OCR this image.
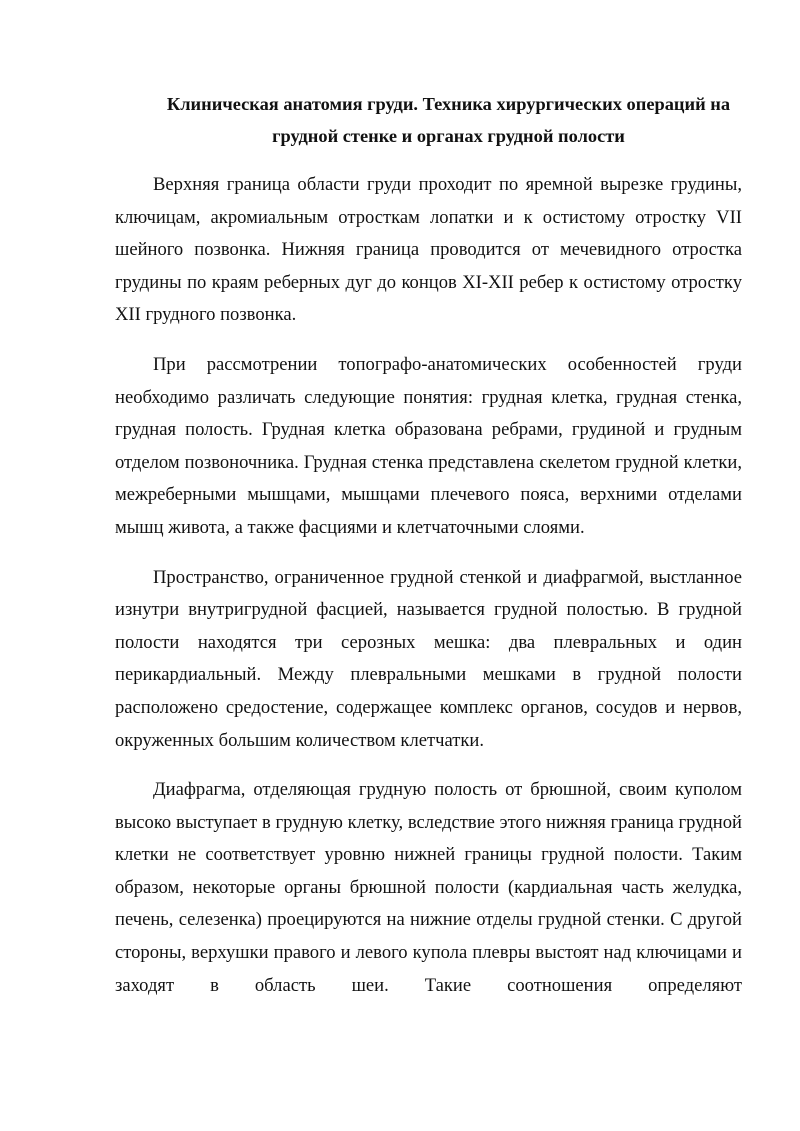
Клиническая анатомия груди. Техника хирургических операций на грудной стенке и органах грудной полости

Верхняя граница области груди проходит по яремной вырезке грудины, ключицам, акромиальным отросткам лопатки и к остистому отростку VII шейного позвонка. Нижняя граница проводится от мечевидного отростка грудины по краям реберных дуг до концов XI-XII ребер к остистому отростку XII грудного позвонка.

При рассмотрении топографо-анатомических особенностей груди необходимо различать следующие понятия: грудная клетка, грудная стенка, грудная полость. Грудная клетка образована ребрами, грудиной и грудным отделом позвоночника. Грудная стенка представлена скелетом грудной клетки, межреберными мышцами, мышцами плечевого пояса, верхними отделами мышц живота, а также фасциями и клетчаточными слоями.

Пространство, ограниченное грудной стенкой и диафрагмой, выстланное изнутри внутригрудной фасцией, называется грудной полостью. В грудной полости находятся три серозных мешка: два плевральных и один перикардиальный. Между плевральными мешками в грудной полости расположено средостение, содержащее комплекс органов, сосудов и нервов, окруженных большим количеством клетчатки.

Диафрагма, отделяющая грудную полость от брюшной, своим куполом высоко выступает в грудную клетку, вследствие этого нижняя граница грудной клетки не соответствует уровню нижней границы грудной полости. Таким образом, некоторые органы брюшной полости (кардиальная часть желудка, печень, селезенка) проецируются на нижние отделы грудной стенки. С другой стороны, верхушки правого и левого купола плевры выстоят над ключицами и заходят в область шеи. Такие соотношения определяют
